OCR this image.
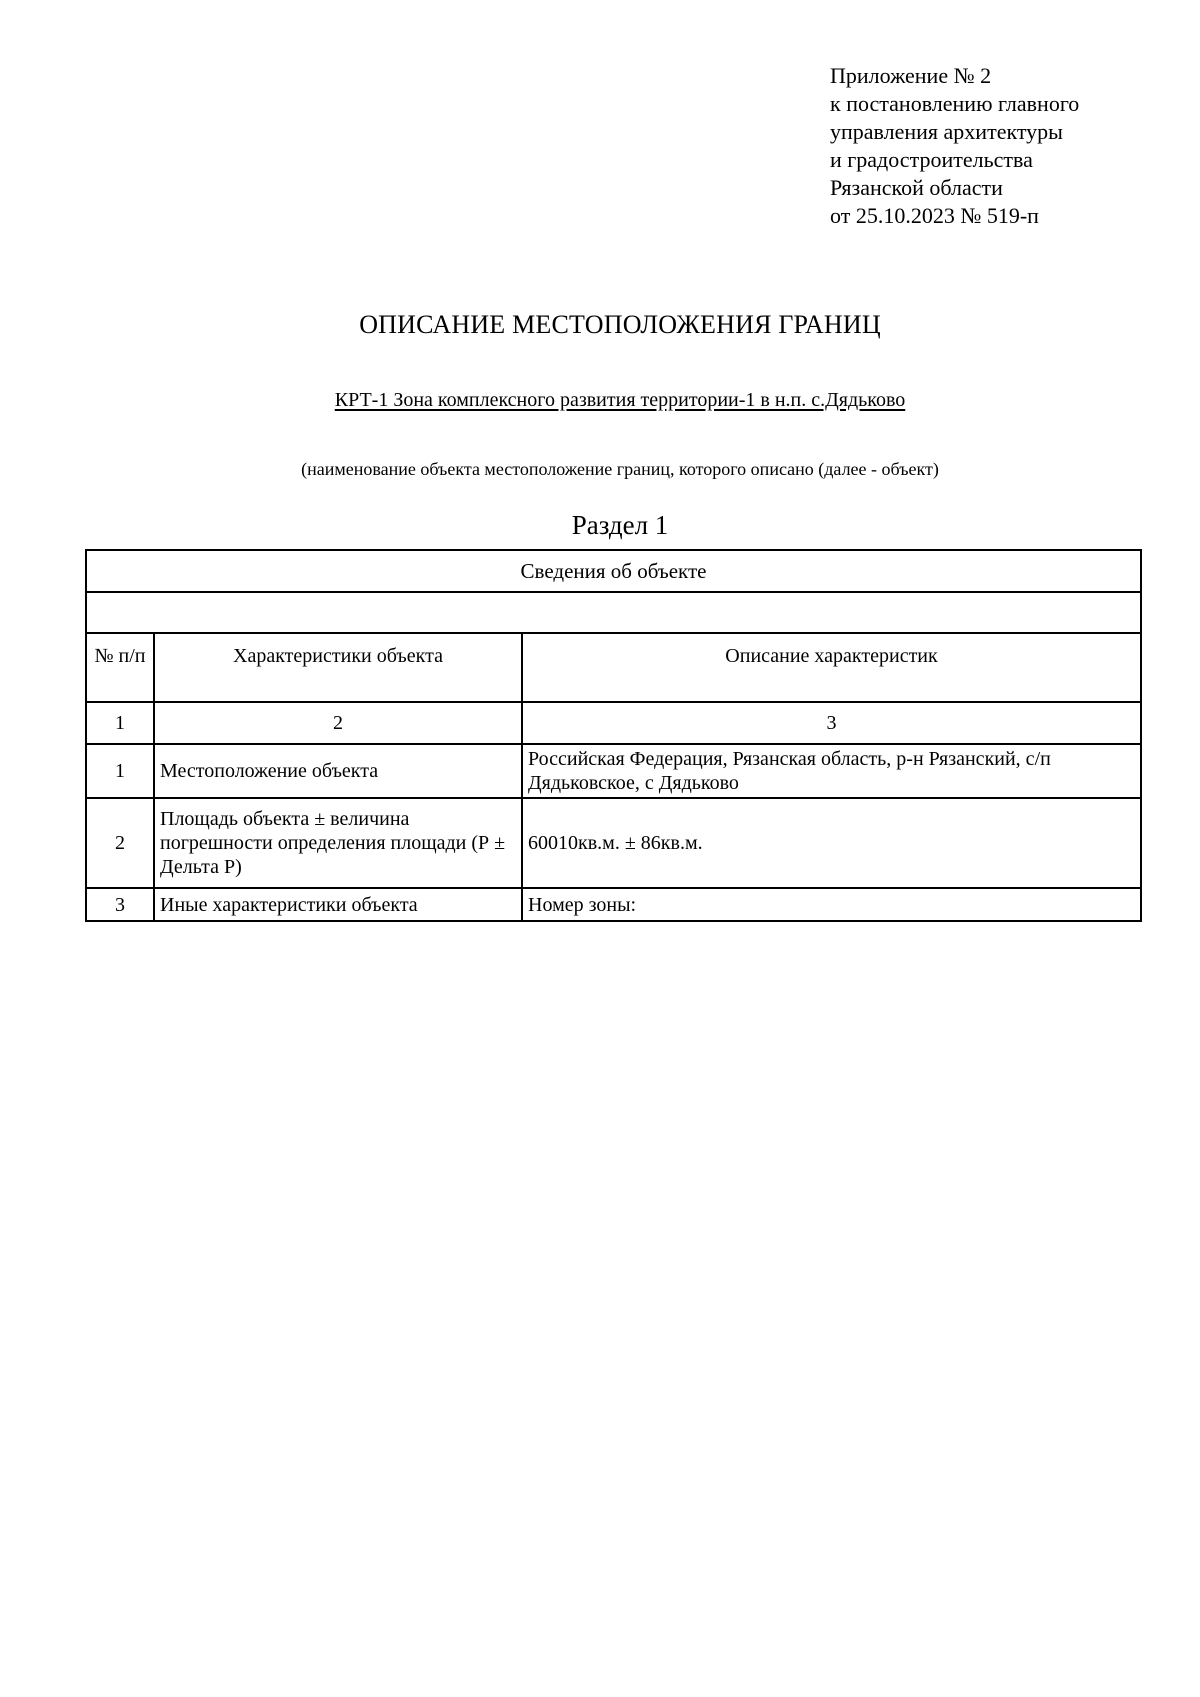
Приложение № 2
к постановлению главного
управления архитектуры
и градостроительства
Рязанской области
от 25.10.2023 № 519-п
ОПИСАНИЕ МЕСТОПОЛОЖЕНИЯ ГРАНИЦ
КРТ-1 Зона комплексного развития территории-1 в н.п. с.Дядьково
(наименование объекта местоположение границ, которого описано (далее - объект)
Раздел 1
Сведения об объекте		

№ п/п	Характеристики объекта	Описание характеристик
1	2	3
1	Местоположение объекта	Российская Федерация, Рязанская область, р-н Рязанский, с/п Дядьковское, с Дядьково
2	Площадь объекта ± величина погрешности определения площади (Р ± Дельта Р)	60010кв.м. ± 86кв.м.
3	Иные характеристики объекта	Номер зоны:
